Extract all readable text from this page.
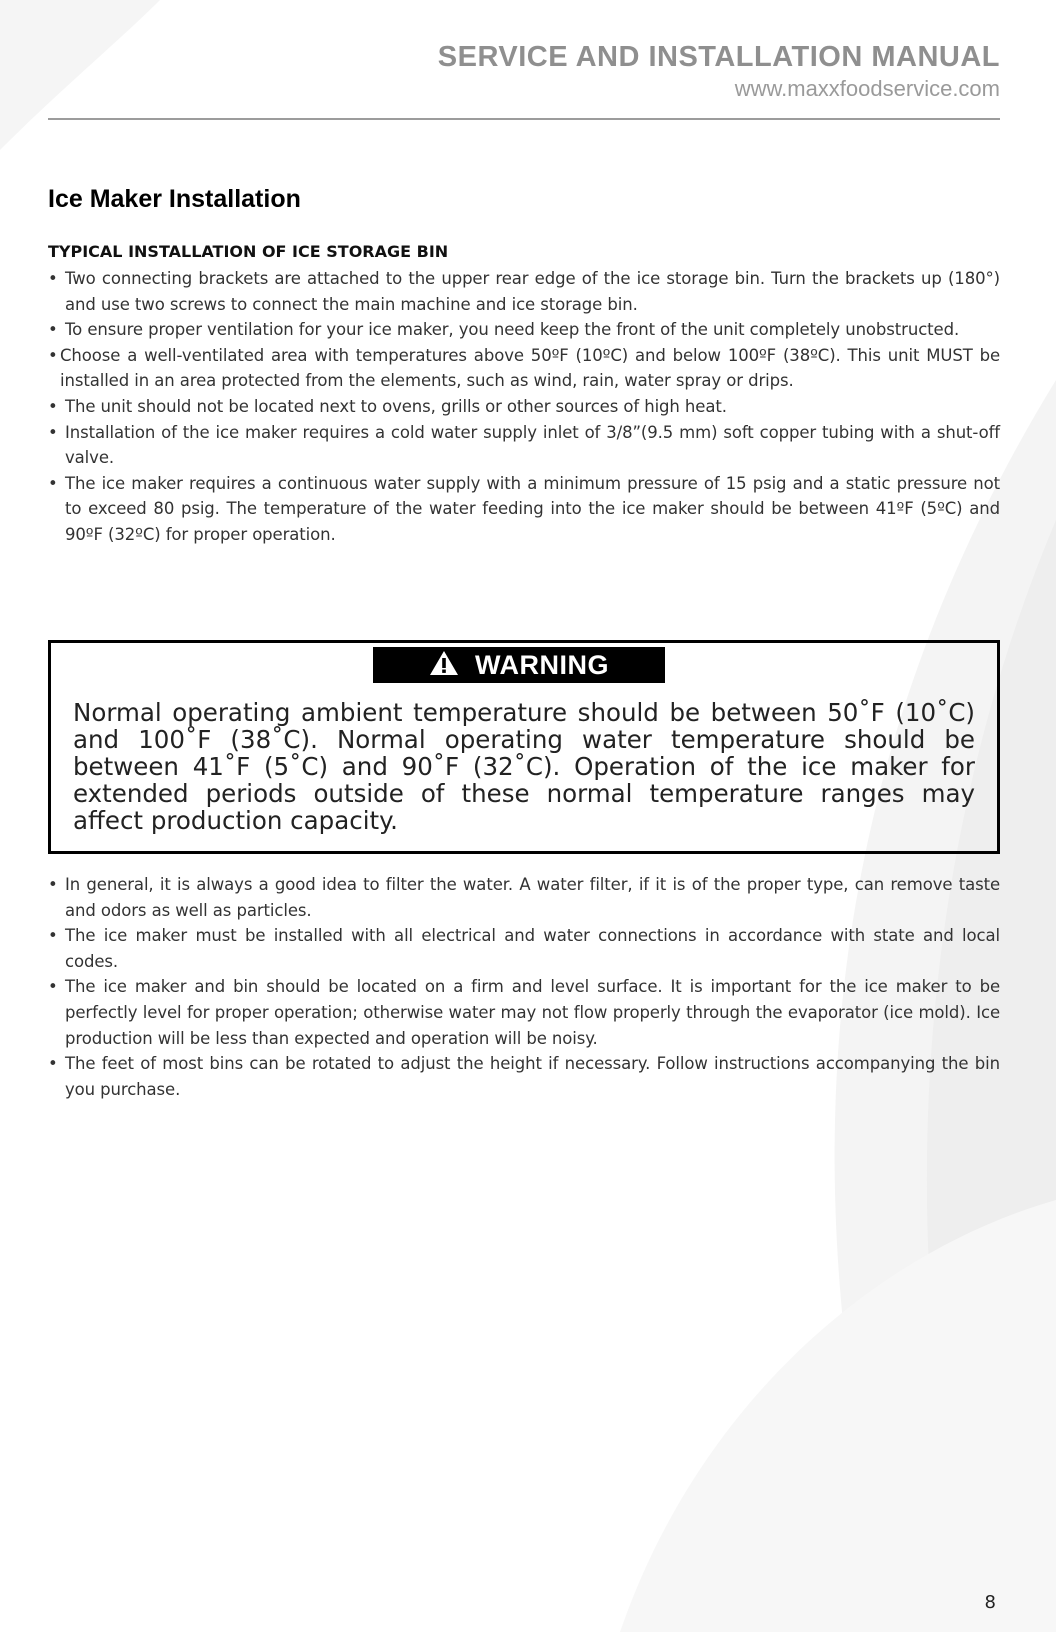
SERVICE AND INSTALLATION MANUAL
www.maxxfoodservice.com
Ice Maker Installation
TYPICAL INSTALLATION OF ICE STORAGE BIN
• Two connecting brackets are attached to the upper rear edge of the ice storage bin. Turn the brackets up (180°) and use two screws to connect the main machine and ice storage bin.
• To ensure proper ventilation for your ice maker, you need keep the front of the unit completely unobstructed.
• Choose a well-ventilated area with temperatures above 50ºF (10ºC) and below 100ºF (38ºC). This unit MUST be installed in an area protected from the elements, such as wind, rain, water spray or drips.
• The unit should not be located next to ovens, grills or other sources of high heat.
• Installation of the ice maker requires a cold water supply inlet of 3/8”(9.5 mm) soft copper tubing with a shut-off valve.
• The ice maker requires a continuous water supply with a minimum pressure of 15 psig and a static pressure not to exceed 80 psig. The temperature of the water feeding into the ice maker should be between 41ºF (5ºC) and 90ºF (32ºC) for proper operation.
WARNING
Normal operating ambient temperature should be between 50˚F (10˚C) and 100˚F (38˚C). Normal operating water temperature should be between 41˚F (5˚C) and 90˚F (32˚C). Operation of the ice maker for extended periods outside of these normal temperature ranges may affect production capacity.
• In general, it is always a good idea to filter the water. A water filter, if it is of the proper type, can remove taste and odors as well as particles.
• The ice maker must be installed with all electrical and water connections in accordance with state and local codes.
• The ice maker and bin should be located on a firm and level surface. It is important for the ice maker to be perfectly level for proper operation; otherwise water may not flow properly through the evaporator (ice mold). Ice production will be less than expected and operation will be noisy.
• The feet of most bins can be rotated to adjust the height if necessary. Follow instructions accompanying the bin you purchase.
8
